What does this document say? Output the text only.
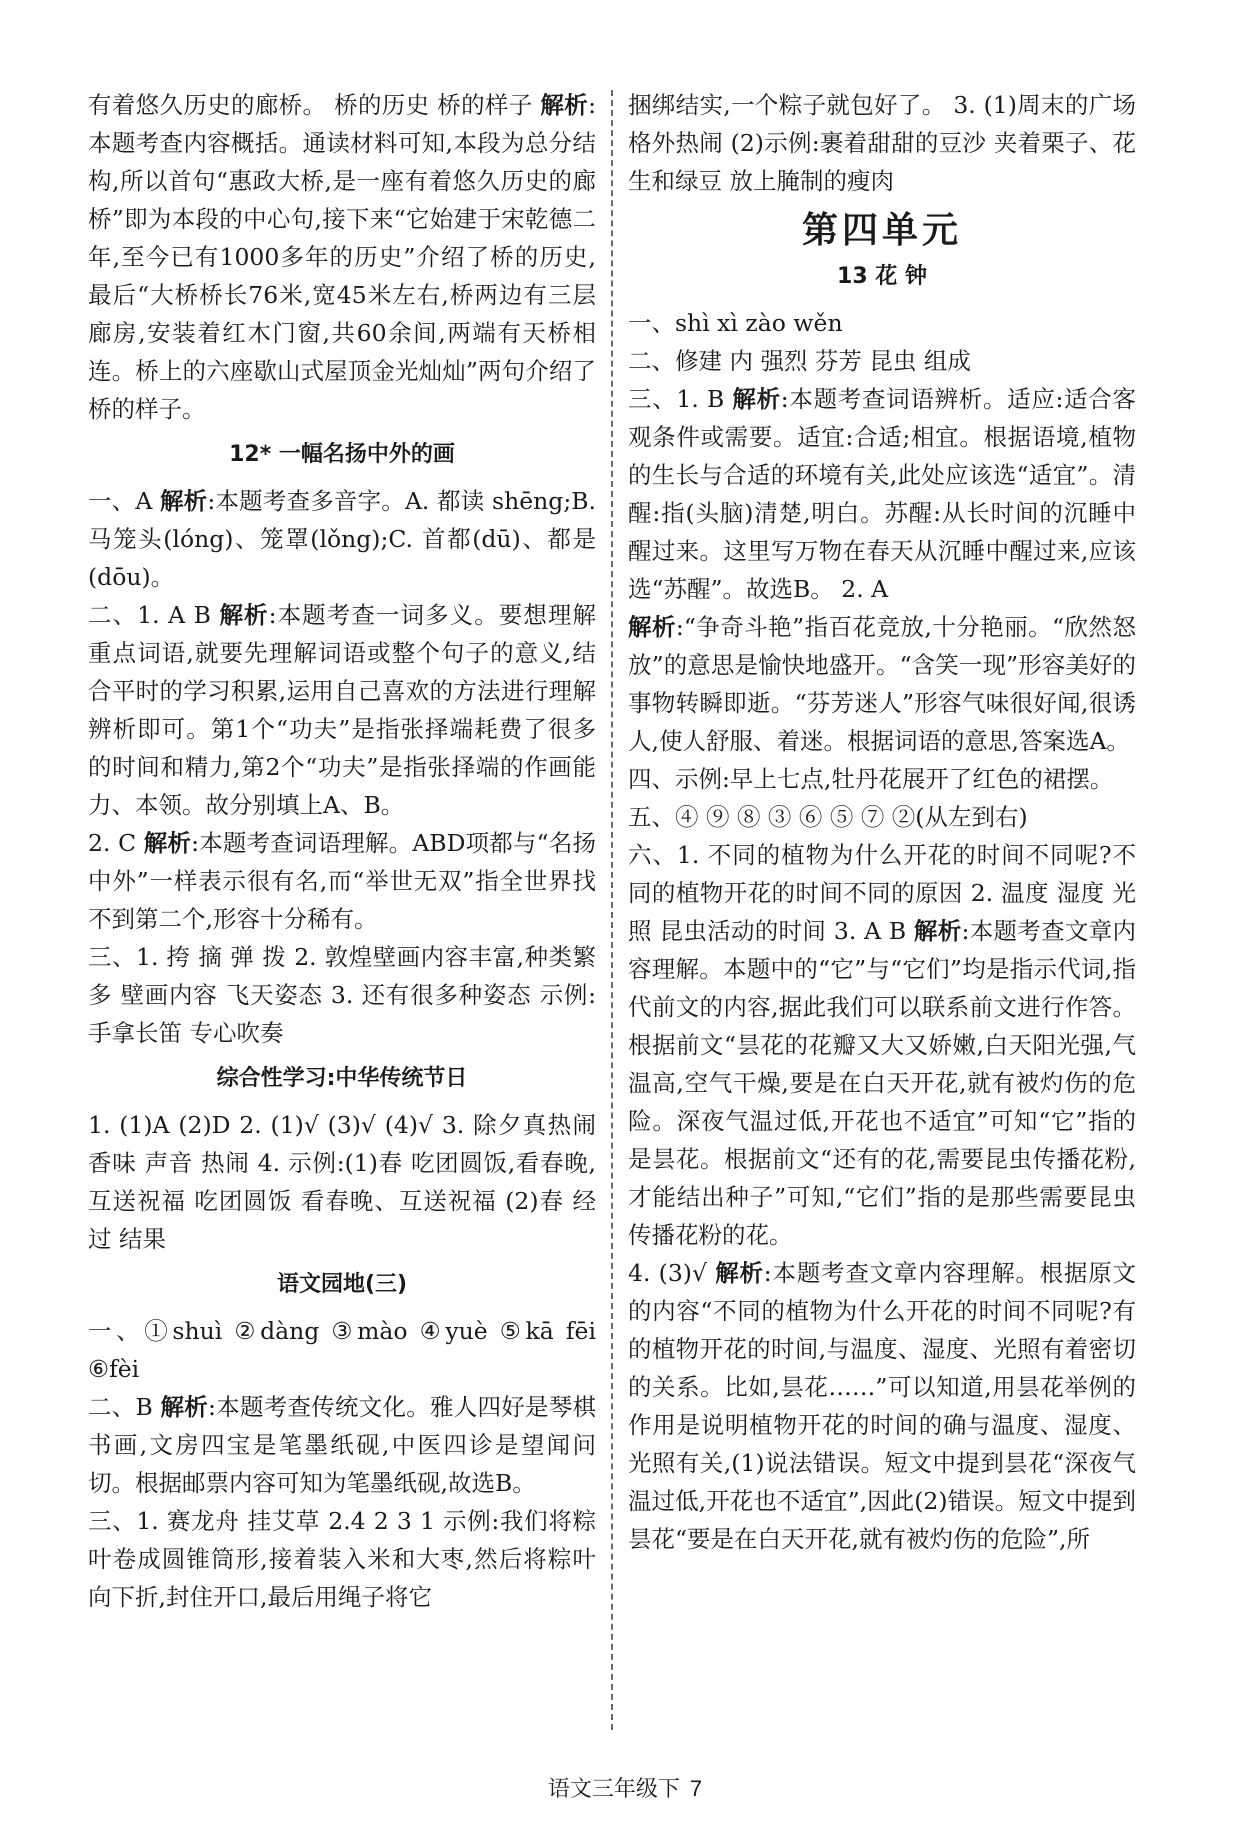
有着悠久历史的廊桥。 桥的历史 桥的样子 解析:本题考查内容概括。通读材料可知,本段为总分结构,所以首句“惠政大桥,是一座有着悠久历史的廊桥”即为本段的中心句,接下来“它始建于宋乾德二年,至今已有1000多年的历史”介绍了桥的历史,最后“大桥桥长76米,宽45米左右,桥两边有三层廊房,安装着红木门窗,共60余间,两端有天桥相连。桥上的六座歇山式屋顶金光灿灿”两句介绍了桥的样子。

12* 一幅名扬中外的画

一、A 解析:本题考查多音字。A. 都读 shēng;B. 马笼头(lóng)、笼罩(lǒng);C. 首都(dū)、都是(dōu)。

二、1. A B 解析:本题考查一词多义。要想理解重点词语,就要先理解词语或整个句子的意义,结合平时的学习积累,运用自己喜欢的方法进行理解辨析即可。第1个“功夫”是指张择端耗费了很多的时间和精力,第2个“功夫”是指张择端的作画能力、本领。故分别填上A、B。

2. C 解析:本题考查词语理解。ABD项都与“名扬中外”一样表示很有名,而“举世无双”指全世界找不到第二个,形容十分稀有。

三、1. 挎 摘 弹 拨 2. 敦煌壁画内容丰富,种类繁多 壁画内容 飞天姿态 3. 还有很多种姿态 示例:手拿长笛 专心吹奏

综合性学习:中华传统节日

1. (1)A (2)D 2. (1)√ (3)√ (4)√ 3. 除夕真热闹 香味 声音 热闹 4. 示例:(1)春 吃团圆饭,看春晚,互送祝福 吃团圆饭 看春晚、互送祝福 (2)春 经过 结果

语文园地(三)

一、①shuì ②dàng ③mào ④yuè ⑤kā fēi ⑥fèi

二、B 解析:本题考查传统文化。雅人四好是琴棋书画,文房四宝是笔墨纸砚,中医四诊是望闻问切。根据邮票内容可知为笔墨纸砚,故选B。

三、1. 赛龙舟 挂艾草 2.4 2 3 1 示例:我们将粽叶卷成圆锥筒形,接着装入米和大枣,然后将粽叶向下折,封住开口,最后用绳子将它

捆绑结实,一个粽子就包好了。 3. (1)周末的广场格外热闹 (2)示例:裹着甜甜的豆沙 夹着栗子、花生和绿豆 放上腌制的瘦肉

第四单元
13 花 钟

一、shì xì zào wěn

二、修建 内 强烈 芬芳 昆虫 组成

三、1. B 解析:本题考查词语辨析。适应:适合客观条件或需要。适宜:合适;相宜。根据语境,植物的生长与合适的环境有关,此处应该选“适宜”。清醒:指(头脑)清楚,明白。苏醒:从长时间的沉睡中醒过来。这里写万物在春天从沉睡中醒过来,应该选“苏醒”。故选B。 2. A

解析:“争奇斗艳”指百花竞放,十分艳丽。“欣然怒放”的意思是愉快地盛开。“含笑一现”形容美好的事物转瞬即逝。“芬芳迷人”形容气味很好闻,很诱人,使人舒服、着迷。根据词语的意思,答案选A。

四、示例:早上七点,牡丹花展开了红色的裙摆。

五、④ ⑨ ⑧ ③ ⑥ ⑤ ⑦ ②(从左到右)

六、1. 不同的植物为什么开花的时间不同呢?不同的植物开花的时间不同的原因 2. 温度 湿度 光照 昆虫活动的时间 3. A B 解析:本题考查文章内容理解。本题中的“它”与“它们”均是指示代词,指代前文的内容,据此我们可以联系前文进行作答。根据前文“昙花的花瓣又大又娇嫩,白天阳光强,气温高,空气干燥,要是在白天开花,就有被灼伤的危险。深夜气温过低,开花也不适宜”可知“它”指的是昙花。根据前文“还有的花,需要昆虫传播花粉,才能结出种子”可知,“它们”指的是那些需要昆虫传播花粉的花。

4. (3)√ 解析:本题考查文章内容理解。根据原文的内容“不同的植物为什么开花的时间不同呢?有的植物开花的时间,与温度、湿度、光照有着密切的关系。比如,昙花……”可以知道,用昙花举例的作用是说明植物开花的时间的确与温度、湿度、光照有关,(1)说法错误。短文中提到昙花“深夜气温过低,开花也不适宜”,因此(2)错误。短文中提到昙花“要是在白天开花,就有被灼伤的危险”,所

语文三年级下 7
